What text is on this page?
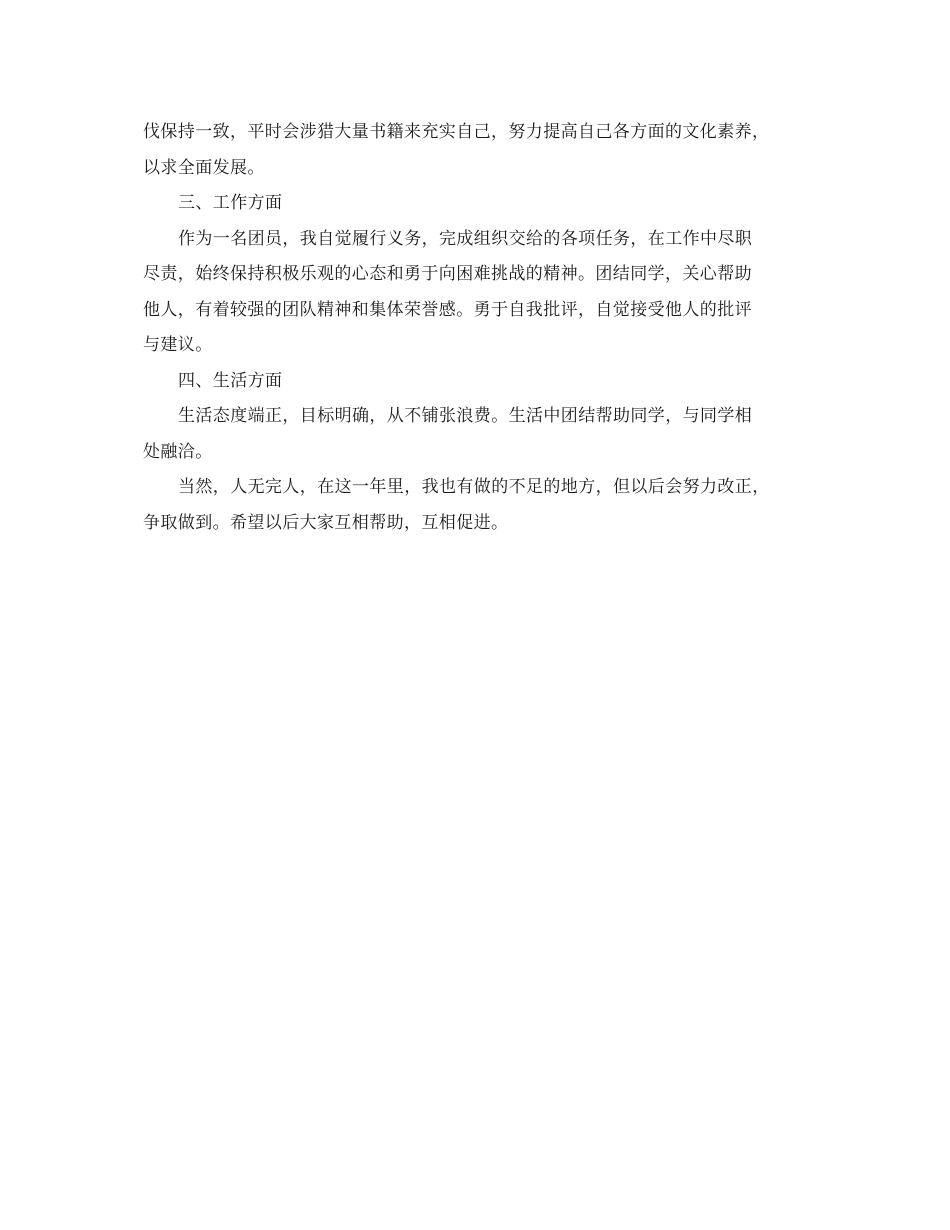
伐保持一致，平时会涉猎大量书籍来充实自己，努力提高自己各方面的文化素养，
以求全面发展。
三、工作方面
作为一名团员，我自觉履行义务，完成组织交给的各项任务，在工作中尽职
尽责，始终保持积极乐观的心态和勇于向困难挑战的精神。团结同学，关心帮助
他人，有着较强的团队精神和集体荣誉感。勇于自我批评，自觉接受他人的批评
与建议。
四、生活方面
生活态度端正，目标明确，从不铺张浪费。生活中团结帮助同学，与同学相
处融洽。
当然，人无完人，在这一年里，我也有做的不足的地方，但以后会努力改正，
争取做到。希望以后大家互相帮助，互相促进。
